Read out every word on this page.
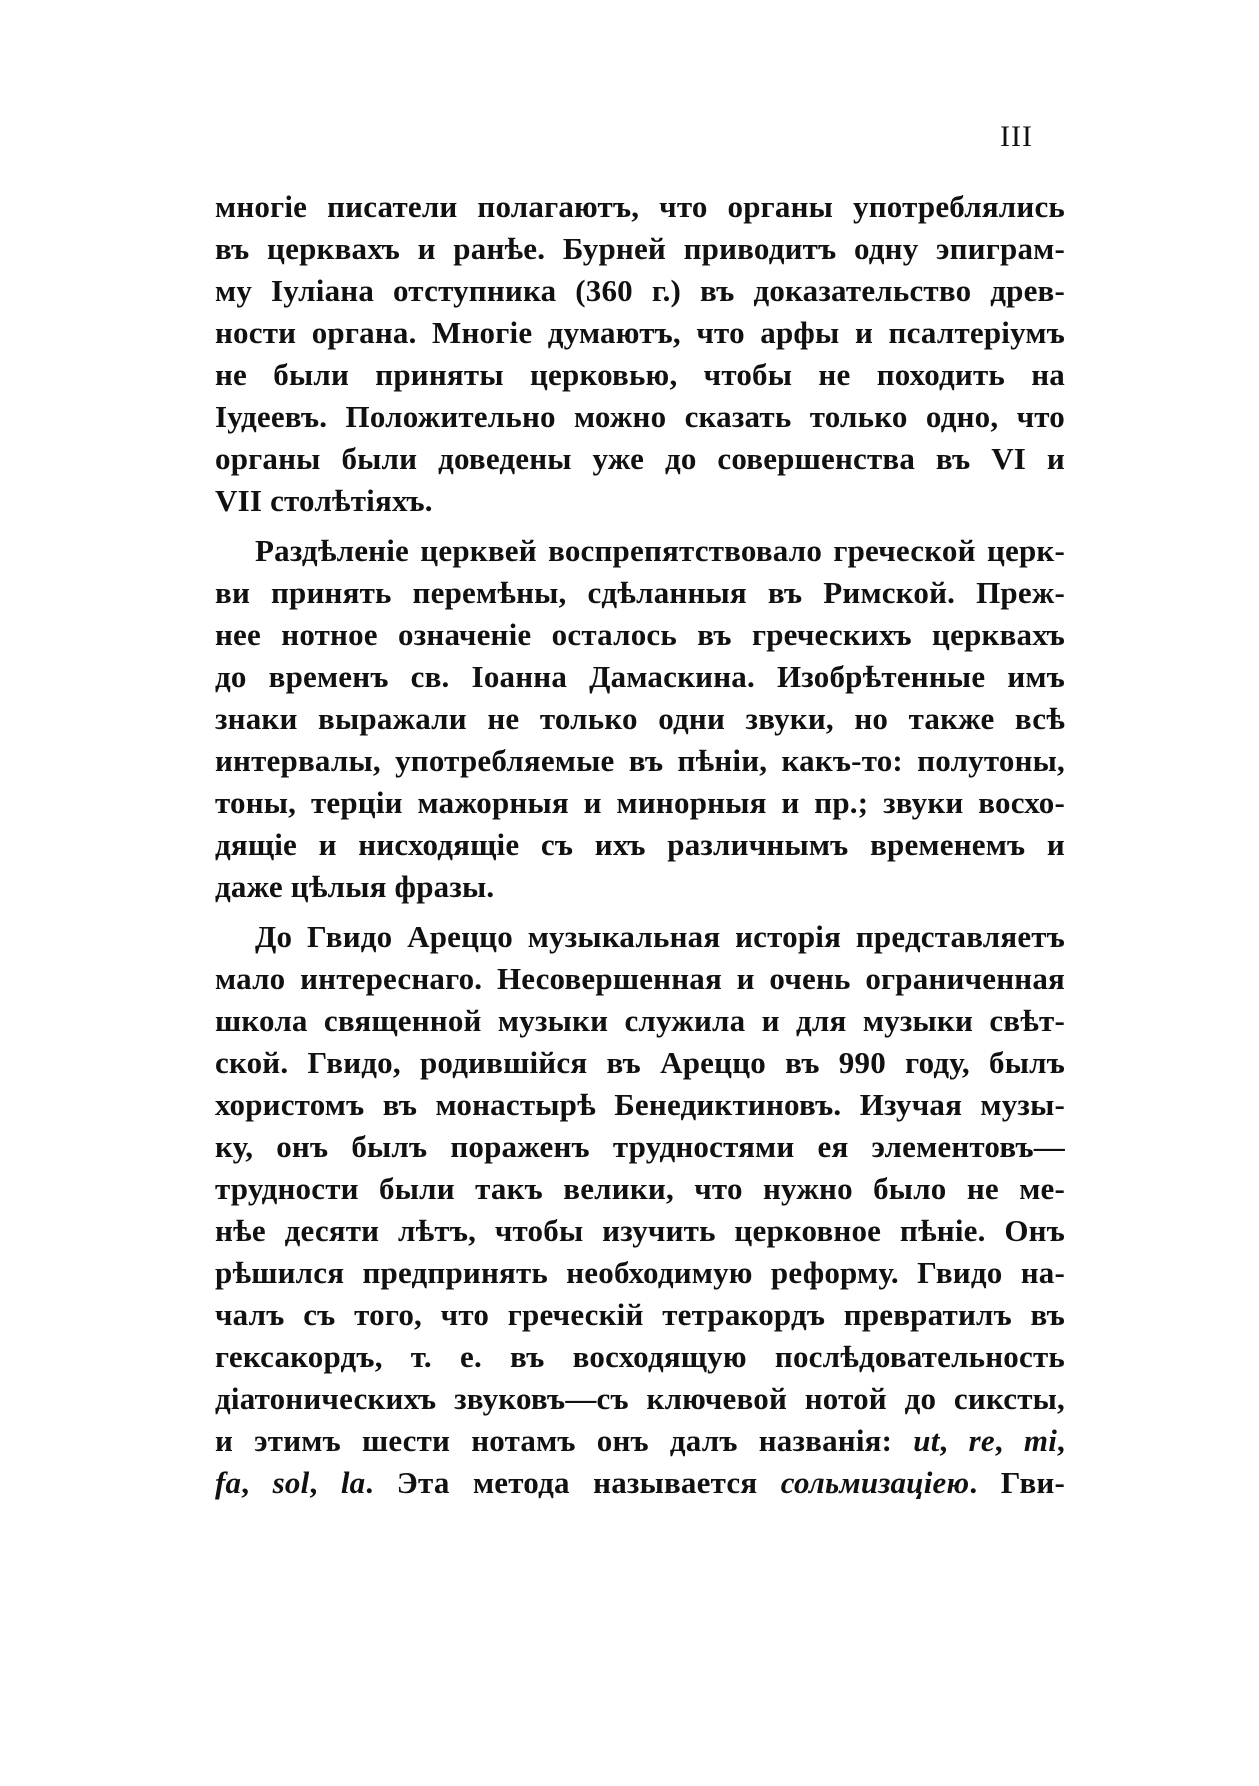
III
многіе писатели полагаютъ, что органы употреблялись
въ церквахъ и ранѣе. Бурней приводитъ одну эпиграм-
му Іуліана отступника (360 г.) въ доказательство древ-
ности органа. Многіе думаютъ, что арфы и псалтеріумъ
не были приняты церковью, чтобы не походить на
Іудеевъ. Положительно можно сказать только одно, что
органы были доведены уже до совершенства въ VI и
VII столѣтіяхъ.
Раздѣленіе церквей воспрепятствовало греческой церк-
ви принять перемѣны, сдѣланныя въ Римской. Преж-
нее нотное означеніе осталось въ греческихъ церквахъ
до временъ св. Іоанна Дамаскина. Изобрѣтенные имъ
знаки выражали не только одни звуки, но также всѣ
интервалы, употребляемые въ пѣніи, какъ-то: полутоны,
тоны, терціи мажорныя и минорныя и пр.; звуки восхо-
дящіе и нисходящіе съ ихъ различнымъ временемъ и
даже цѣлыя фразы.
До Гвидо Ареццо музыкальная исторія представляетъ
мало интереснаго. Несовершенная и очень ограниченная
школа священной музыки служила и для музыки свѣт-
ской. Гвидо, родившійся въ Ареццо въ 990 году, былъ
хористомъ въ монастырѣ Бенедиктиновъ. Изучая музы-
ку, онъ былъ пораженъ трудностями ея элементовъ—
трудности были такъ велики, что нужно было не ме-
нѣе десяти лѣтъ, чтобы изучить церковное пѣніе. Онъ
рѣшился предпринять необходимую реформу. Гвидо на-
чалъ съ того, что греческій тетракордъ превратилъ въ
гексакордъ, т. е. въ восходящую послѣдовательность
діатоническихъ звуковъ—съ ключевой нотой до сиксты,
и этимъ шести нотамъ онъ далъ названія: ut, re, mi,
fa, sol, la. Эта метода называется сольмизаціею. Гви-
